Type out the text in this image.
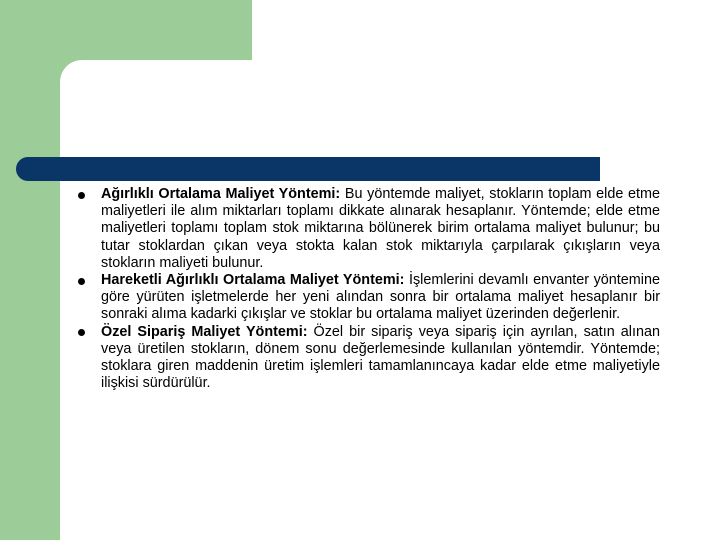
Ağırlıklı Ortalama Maliyet Yöntemi: Bu yöntemde maliyet, stokların toplam elde etme maliyetleri ile alım miktarları toplamı dikkate alınarak hesaplanır. Yöntemde; elde etme maliyetleri toplamı toplam stok miktarına bölünerek birim ortalama maliyet bulunur; bu tutar stoklardan çıkan veya stokta kalan stok miktarıyla çarpılarak çıkışların veya stokların maliyeti bulunur.
Hareketli Ağırlıklı Ortalama Maliyet Yöntemi: İşlemlerini devamlı envanter yöntemine göre yürüten işletmelerde her yeni alından sonra bir ortalama maliyet hesaplanır bir sonraki alıma kadarki çıkışlar ve stoklar bu ortalama maliyet üzerinden değerlenir.
Özel Sipariş Maliyet Yöntemi: Özel bir sipariş veya sipariş için ayrılan, satın alınan veya üretilen stokların, dönem sonu değerlemesinde kullanılan yöntemdir. Yöntemde; stoklara giren maddenin üretim işlemleri tamamlanıncaya kadar elde etme maliyetiyle ilişkisi sürdürülür.
